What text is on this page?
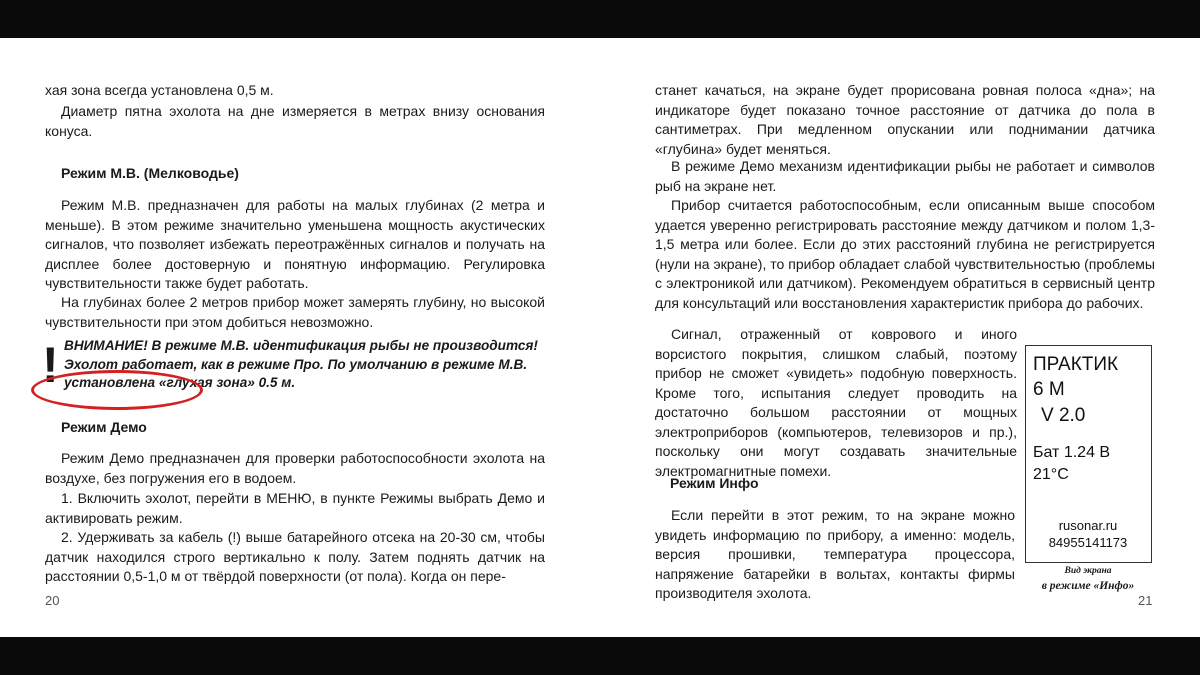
хая зона всегда установлена 0,5 м.
Диаметр пятна эхолота на дне измеряется в метрах внизу основания конуса.
Режим М.В. (Мелководье)
Режим М.В. предназначен для работы на малых глубинах (2 метра и меньше). В этом режиме значительно уменьшена мощность акустических сигналов, что позволяет избежать переотражённых сигналов и получать на дисплее более достоверную и понятную информацию. Регулировка чувствительности также будет работать.
На глубинах более 2 метров прибор может замерять глубину, но высокой чувствительности при этом добиться невозможно.
! ВНИМАНИЕ! В режиме М.В. идентификация рыбы не производится! Эхолот работает, как в режиме Про. По умолчанию в режиме М.В. установлена «глухая зона» 0.5 м.
Режим Демо
Режим Демо предназначен для проверки работоспособности эхолота на воздухе, без погружения его в водоем.
1. Включить эхолот, перейти в МЕНЮ, в пункте Режимы выбрать Демо и активировать режим.
2. Удерживать за кабель (!) выше батарейного отсека на 20-30 см, чтобы датчик находился строго вертикально к полу. Затем поднять датчик на расстоянии 0,5-1,0 м от твёрдой поверхности (от пола). Когда он пере-
20
станет качаться, на экране будет прорисована ровная полоса «дна»; на индикаторе будет показано точное расстояние от датчика до пола в сантиметрах. При медленном опускании или поднимании датчика «глубина» будет меняться.
В режиме Демо механизм идентификации рыбы не работает и символов рыб на экране нет.
Прибор считается работоспособным, если описанным выше способом удается уверенно регистрировать расстояние между датчиком и полом 1,3-1,5 метра или более. Если до этих расстояний глубина не регистрируется (нули на экране), то прибор обладает слабой чувствительностью (проблемы с электроникой или датчиком). Рекомендуем обратиться в сервисный центр для консультаций или восстановления характеристик прибора до рабочих.
Сигнал, отраженный от коврового и иного ворсистого покрытия, слишком слабый, поэтому прибор не сможет «увидеть» подобную поверхность. Кроме того, испытания следует проводить на достаточно большом расстоянии от мощных электроприборов (компьютеров, телевизоров и пр.), поскольку они могут создавать значительные электромагнитные помехи.
Режим Инфо
Если перейти в этот режим, то на экране можно увидеть информацию по прибору, а именно: модель, версия прошивки, температура процессора, напряжение батарейки в вольтах, контакты фирмы производителя эхолота.	21
ПРАКТИК
6 М
V 2.0
Бат 1.24 В
21°C
rusonar.ru
84955141173
Вид экрана
в режиме «Инфо»
